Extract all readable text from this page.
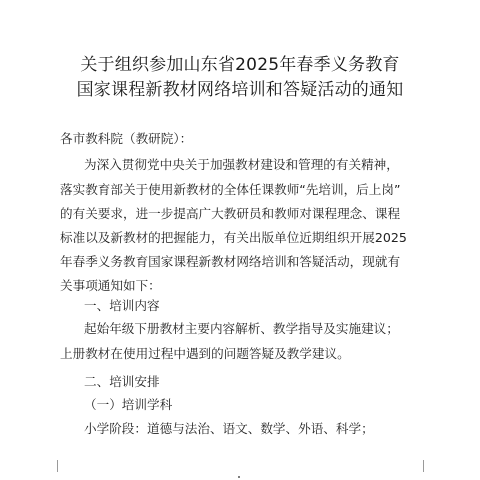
关于组织参加山东省2025年春季义务教育
国家课程新教材网络培训和答疑活动的通知
各市教科院（教研院）：
为深入贯彻党中央关于加强教材建设和管理的有关精神，
落实教育部关于使用新教材的全体任课教师“先培训，后上岗”
的有关要求，进一步提高广大教研员和教师对课程理念、课程
标准以及新教材的把握能力，有关出版单位近期组织开展2025
年春季义务教育国家课程新教材网络培训和答疑活动，现就有
关事项通知如下：
一、培训内容
起始年级下册教材主要内容解析、教学指导及实施建议；
上册教材在使用过程中遇到的问题答疑及教学建议。
二、培训安排
（一）培训学科
小学阶段：道德与法治、语文、数学、外语、科学；
